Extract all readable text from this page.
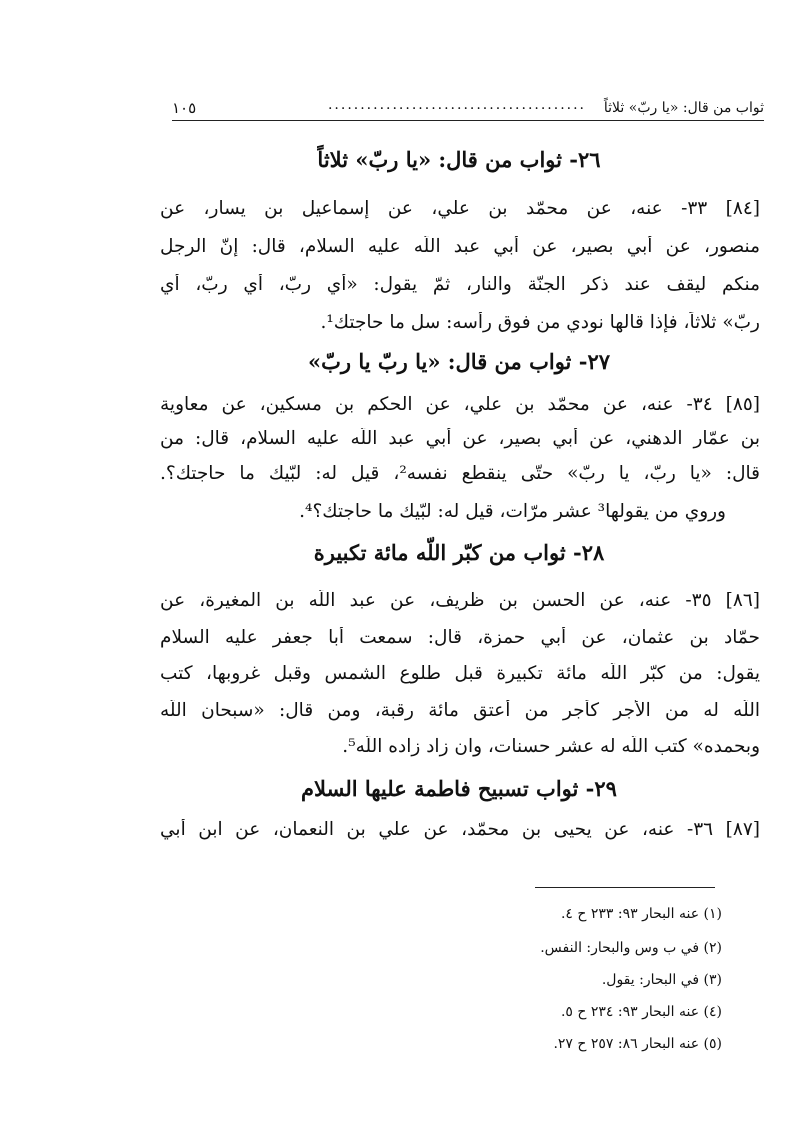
ثواب من قال: «يا ربّ» ثلاثاً
........................................
١٠٥
٢٦- ثواب من قال: «يا ربّ» ثلاثاً
[٨٤] ٣٣- عنه، عن محمّد بن علي، عن إسماعيل بن يسار، عن
منصور، عن أبي بصير، عن أبي عبد اللّه عليه السلام، قال: إنّ الرجل
منكم ليقف عند ذكر الجنّة والنار، ثمّ يقول: «أي ربّ، أي ربّ، أي
ربّ» ثلاثاً، فإذا قالها نودي من فوق رأسه: سل ما حاجتك¹.
٢٧- ثواب من قال: «يا ربّ يا ربّ»
[٨٥] ٣٤- عنه، عن محمّد بن علي، عن الحكم بن مسكين، عن معاوية
بن عمّار الدهني، عن أبي بصير، عن أبي عبد اللّه عليه السلام، قال: من
قال: «يا ربّ، يا ربّ» حتّى ينقطع نفسه²، قيل له: لبّيك ما حاجتك؟.
وروي من يقولها³ عشر مرّات، قيل له: لبّيك ما حاجتك؟⁴.
٢٨- ثواب من كبّر اللّه مائة تكبيرة
[٨٦] ٣٥- عنه، عن الحسن بن ظريف، عن عبد اللّه بن المغيرة، عن
حمّاد بن عثمان، عن أبي حمزة، قال: سمعت أبا جعفر عليه السلام
يقول: من كبّر اللّه مائة تكبيرة قبل طلوع الشمس وقبل غروبها، كتب
اللّه له من الأجر كأجر من أعتق مائة رقبة، ومن قال: «سبحان اللّه
وبحمده» كتب اللّه له عشر حسنات، وان زاد زاده اللّه⁵.
٢٩- ثواب تسبيح فاطمة عليها السلام
[٨٧] ٣٦- عنه، عن يحيى بن محمّد، عن علي بن النعمان، عن ابن أبي
(١) عنه البحار ٩٣: ٢٣٣ ح ٤.
(٢) في ب وس والبحار: النفس.
(٣) في البحار: يقول.
(٤) عنه البحار ٩٣: ٢٣٤ ح ٥.
(٥) عنه البحار ٨٦: ٢٥٧ ح ٢٧.
